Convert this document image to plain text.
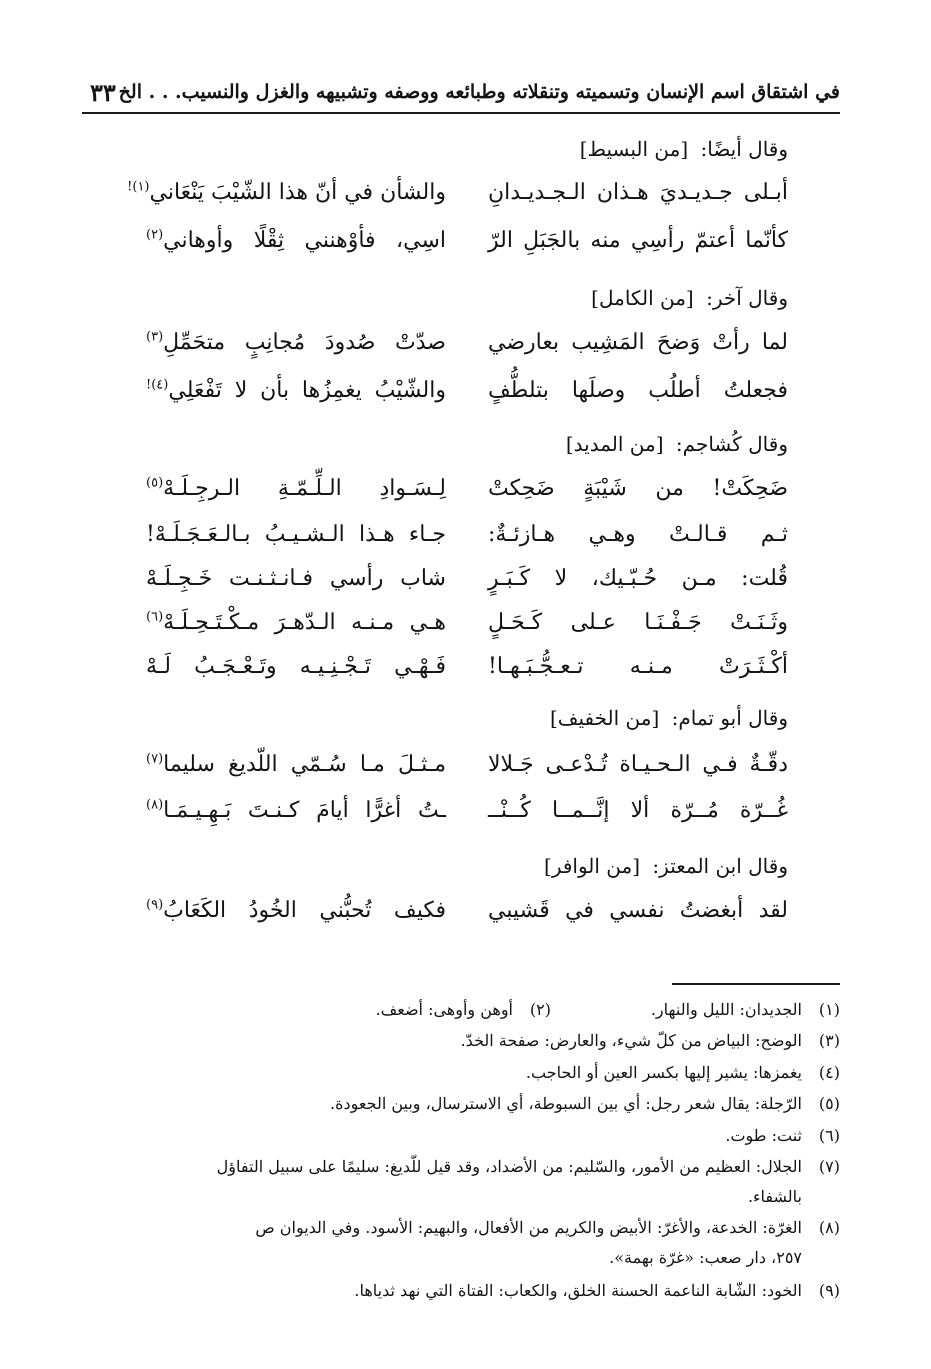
في اشتقاق اسم الإنسان وتسميته وتنقلاته وطبائعه ووصفه وتشبيهه والغزل والنسيب. . . الخ
٣٣
وقال أيضًا: [من البسيط]
أبـلى جـديـديَ هـذان الـجـديـدانِ
والشأن في أنّ هذا الشّيْبَ يَنْعَاني$^{(١)!}$
كأنّما أعتمّ رأسِي منه بالجَبَلِ الرّ
اسِي، فأوْهنني ثِقْلًا وأوهاني$^{(٢)}$
وقال آخر: [من الكامل]
لما رأتْ وَضحَ المَشِيب بعارضي
صدّتْ صُدودَ مُجانِبٍ متحَمِّلِ$^{(٣)}$
فجعلتُ أطلُب وصلَها بتلطُّفٍ
والشّيْبُ يغمِزُها بأن لا تَفْعَلِي$^{(٤)!}$
وقال كُشاجم: [من المديد]
ضَحِكَتْ! من شَيْبَةٍ ضَحِكتْ
لِـسَـوادِ الـلِّـمّـةِ الـرجِـلَـهْ$^{(٥)}$
ثـم قـالـتْ وهـي هـازئـةٌ:
جـاء هـذا الـشـيـبُ بـالـعَـجَـلَـهْ!
قُلت: مـن حُـبّـيك، لا كَـبَـرٍ
شاب رأسي فـانـثـنـت خَـجِـلَـهْ
وثَـنَـتْ جَـفْـنَـا عـلى كَـحَـلٍ
هـي مـنـه الـدّهـرَ مـكْـتَـحِـلَـهْ$^{(٦)}$
أكْـثَـرَتْ مـنـه تـعـجُّـبَـهـا!
فَـهْـي تَـجْـنِـيـه وتَـعْـجَـبُ لَـهْ
وقال أبو تمام: [من الخفيف]
دقّـةٌ فـي الـحـيـاة تُـدْعـى جَـلالا
مـثـلَ مـا سُـمّي اللّديغ سليما$^{(٧)}$
غُــرّة مُــرّة ألا إنَّــمــا كُــنْــ
ـتُ أغرًّا أيامَ كـنـتَ بَـهِـيـمَـا$^{(٨)}$
وقال ابن المعتز: [من الوافر]
لقد أبغضتُ نفسي في قَشيبي
فكيف تُحبُّني الخُودُ الكَعَابُ$^{(٩)}$
(١)الجديدان: الليل والنهار.
(٢)أوهن وأوهى: أضعف.
(٣)الوضح: البياض من كلّ شيء، والعارض: صفحة الخدّ.
(٤)يغمزها: يشير إليها بكسر العين أو الحاجب.
(٥)الرّجلة: يقال شعر رجل: أي بين السبوطة، أي الاسترسال، وبين الجعودة.
(٦)ثنت: طوت.
(٧)الجلال: العظيم من الأمور، والسّليم: من الأضداد، وقد قيل للّديغ: سليمًا على سبيل التفاؤل
بالشفاء.
(٨)الغرّة: الخدعة، والأغرّ: الأبيض والكريم من الأفعال، والبهيم: الأسود. وفي الديوان ص
٢٥٧، دار صعب: «غرّة بهمة».
(٩)الخود: الشّابة الناعمة الحسنة الخلق، والكعاب: الفتاة التي نهد ثدياها.
